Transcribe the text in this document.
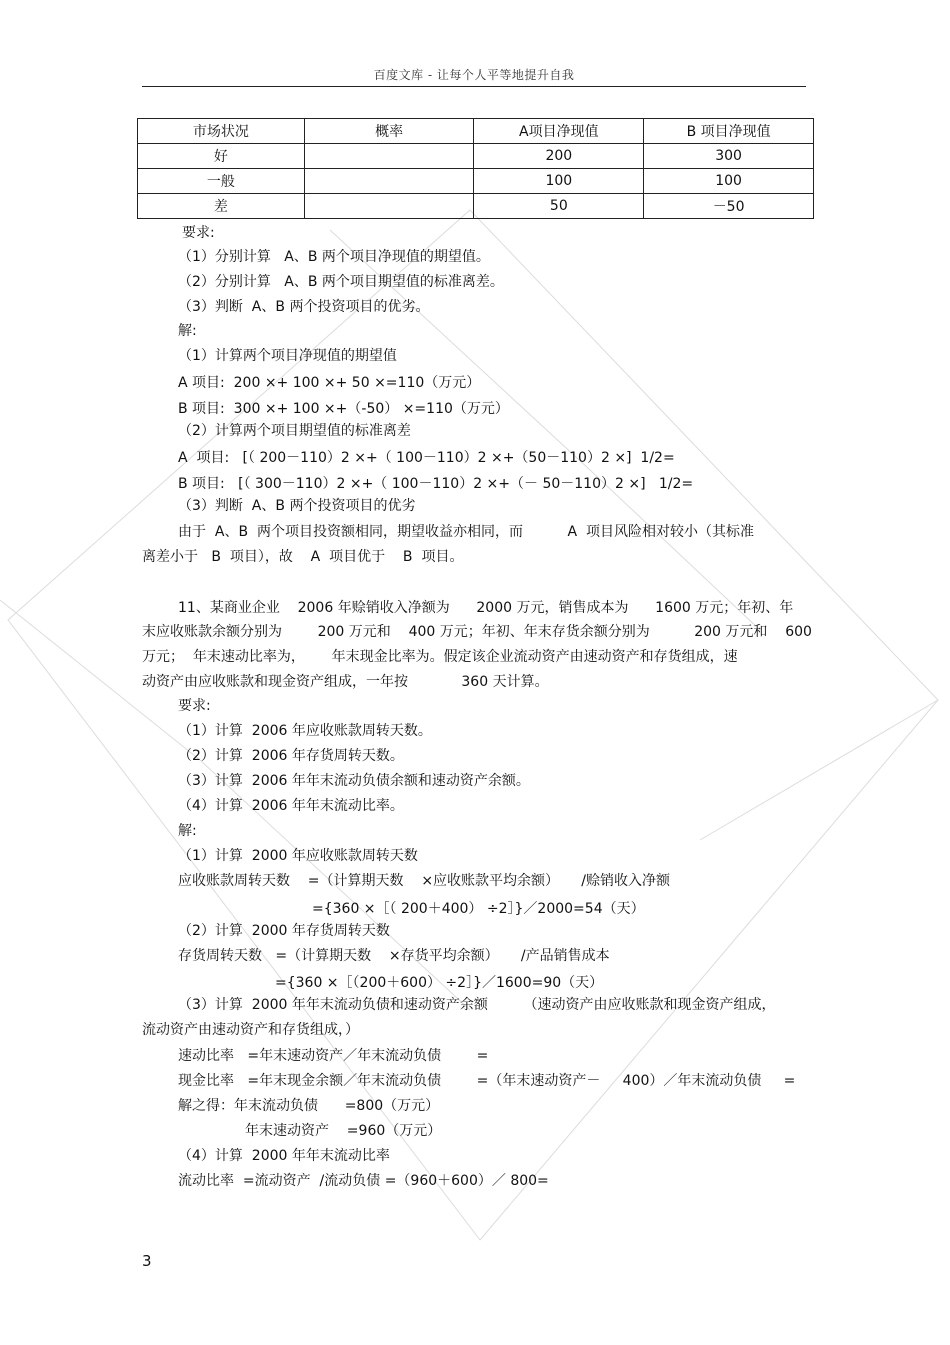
百度文库 - 让每个人平等地提升自我
市场状况	概率	A项目净现值	B 项目净现值
好		200	300
一般		100	100
差		50	－50
要求:
（1）分别计算   A、B 两个项目净现值的期望值。
（2）分别计算   A、B 两个项目期望值的标准离差。
（3）判断  A、B 两个投资项目的优劣。
解:
（1）计算两个项目净现值的期望值
A 项目:  200 ×+ 100 ×+ 50 ×=110（万元）
B 项目:  300 ×+ 100 ×+（-50） ×=110（万元）
（2）计算两个项目期望值的标准离差
A  项目:   [（ 200－110）2 ×+（ 100－110）2 ×+（50－110）2 ×]  1/2=
B 项目:   [（ 300－110）2 ×+（ 100－110）2 ×+（－ 50－110）2 ×]   1/2=
（3）判断  A、B 两个投资项目的优劣
由于  A、B  两个项目投资额相同，期望收益亦相同，而          A  项目风险相对较小（其标准
离差小于   B  项目），故    A  项目优于    B  项目。
11、某商业企业    2006 年赊销收入净额为      2000 万元，销售成本为      1600 万元；年初、年
末应收账款余额分别为        200 万元和    400 万元；年初、年末存货余额分别为          200 万元和    600
万元；  年末速动比率为，      年末现金比率为。假定该企业流动资产由速动资产和存货组成，速
动资产由应收账款和现金资产组成，一年按            360 天计算。
要求:
（1）计算  2006 年应收账款周转天数。
（2）计算  2006 年存货周转天数。
（3）计算  2006 年年末流动负债余额和速动资产余额。
（4）计算  2006 年年末流动比率。
解:
（1）计算  2000 年应收账款周转天数
应收账款周转天数    =（计算期天数    ×应收账款平均余额）     /赊销收入净额
={360 ×［（ 200＋400） ÷2］}／2000=54（天）
（2）计算  2000 年存货周转天数
存货周转天数   =（计算期天数    ×存货平均余额）     /产品销售成本
={360 ×［（200＋600） ÷2］}／1600=90（天）
（3）计算  2000 年年末流动负债和速动资产余额        （速动资产由应收账款和现金资产组成，
流动资产由速动资产和存货组成，）
速动比率   =年末速动资产／年末流动负债        =
现金比率   =年末现金余额／年末流动负债        =（年末速动资产－     400）／年末流动负债     =
解之得：年末流动负债      =800（万元）
年末速动资产    =960（万元）
（4）计算  2000 年年末流动比率
流动比率  =流动资产  /流动负债 =（960＋600）／ 800=
3
